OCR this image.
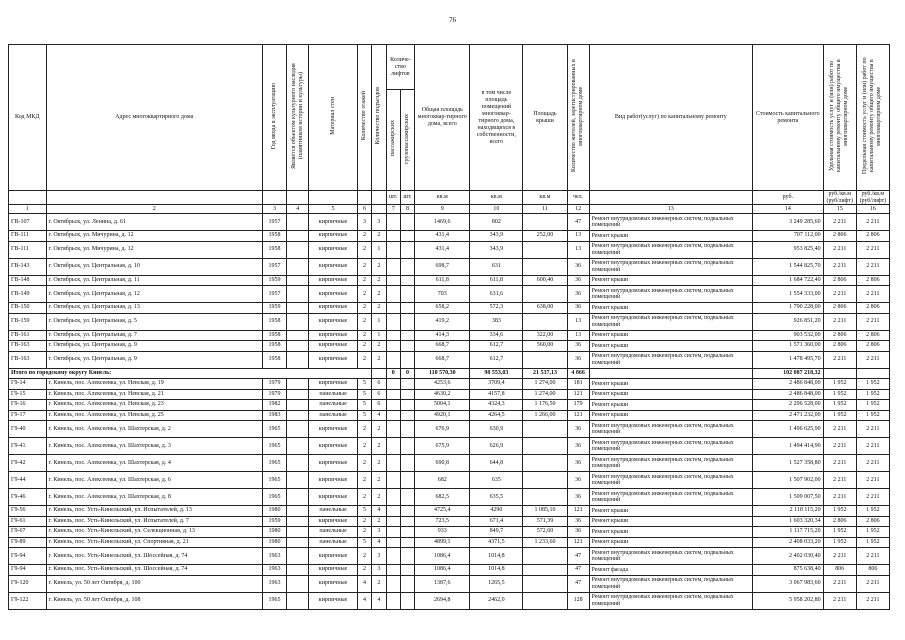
76
Код МКД	Адрес многоквартирного дома	Год ввода в эксплуатацию	Является объектом культурного наследия (памятником истории и культуры)	Материал стен	Количество этажей	Количество подъездов	Количе-ство лифтов		Общая площадь многоквар-тирного дома, всего	в том числе площадь помещений многоквар-тирного дома, находящихся в собственности, всего	Площадь крыши	Количество жителей, зарегистрированных в многоквартирном доме	Вид работ(услуг) по капитальному ремонту	Стоимость капитального ремонта	Удельная стоимость услуг и (или) работ по капитальному ремонту общего имущества в многоквартирном доме	Предельная стоимость услуг и (или) работ по капитальному ремонту общего имущества в многоквартирном доме
							пассажирских	грузопассажирских								
							шт.	шт.	кв.м	кв.м	кв.м	чел.		руб.	руб./кв.м (руб/лифт)	руб./кв.м (руб/лифт)
1	2	3	4	5	6		7	8	9	10	11	12	13	14	15	16
ГВ-107	г. Октябрьск, ул. Ленина, д. 61	1957		кирпичные	3	3			1469,6	802		47	Ремонт внутридомовых инженерных систем, подвальных помещений	3 249 285,60	2 211	2 211
ГВ-111	г. Октябрьск, ул. Мичурина, д. 12	1958		кирпичные	2	2			431,4	343,9	252,00	13	Ремонт крыши	707 112,00	2 806	2 806
ГВ-111	г. Октябрьск, ул. Мичурина, д. 12	1958		кирпичные	2	1			431,4	343,9		13	Ремонт внутридомовых инженерных систем, подвальных помещений	953 825,40	2 211	2 211
ГВ-143	г. Октябрьск, ул. Центральная, д. 10	1957		кирпичные	2	2			698,7	631		36	Ремонт внутридомовых инженерных систем, подвальных помещений	1 544 825,70	2 211	2 211
ГВ-148	г. Октябрьск, ул. Центральная, д. 11	1959		кирпичные	2	2			611,8	611,8	600,40	36	Ремонт крыши	1 684 722,40	2 806	2 806
ГВ-149	г. Октябрьск, ул. Центральная, д. 12	1957		кирпичные	2	2			703	631,6		36	Ремонт внутридомовых инженерных систем, подвальных помещений	1 554 333,00	2 211	2 211
ГВ-150	г. Октябрьск, ул. Центральная, д. 13	1959		кирпичные	2	2			658,2	572,3	638,00	36	Ремонт крыши	1 790 228,00	2 806	2 806
ГВ-159	г. Октябрьск, ул. Центральная, д. 5	1958		кирпичные	2	1			419,2	383		13	Ремонт внутридомовых инженерных систем, подвальных помещений	926 851,20	2 211	2 211
ГВ-161	г. Октябрьск, ул. Центральная, д. 7	1958		кирпичные	2	1			414,3	334,6	322,00	13	Ремонт крыши	903 532,00	2 806	2 806
ГВ-163	г. Октябрьск, ул. Центральная, д. 9	1958		кирпичные	2	2			668,7	612,7	560,00	36	Ремонт крыши	1 571 360,00	2 806	2 806
ГВ-163	г. Октябрьск, ул. Центральная, д. 9	1958		кирпичные	2	2			668,7	612,7		36	Ремонт внутридомовых инженерных систем, подвальных помещений	1 478 495,70	2 211	2 211
Итого по городскому округу Кинель:							0	0	110 570,30	98 553,03	21 537,13	4 866		102 087 218,32		
Г9-14	г. Кинель, пос. Алексеевка, ул. Невская, д. 19	1979		кирпичные	5	6			4253,6	3709,4	1 274,00	181	Ремонт крыши	2 486 848,00	1 952	1 952
Г9-15	г. Кинель, пос. Алексеевка, ул. Невская, д. 21	1979		панельные	5	6			4630,2	4157,8	1 274,00	121	Ремонт крыши	2 486 848,00	1 952	1 952
Г9-16	г. Кинель, пос. Алексеевка, ул. Невская, д. 23	1982		панельные	5	6			5004,1	4324,3	1 176,50	179	Ремонт крыши	2 296 528,00	1 952	1 952
Г9-17	г. Кинель, пос. Алексеевка, ул. Невская, д. 25	1983		панельные	5	4			4920,1	4264,5	1 266,00	121	Ремонт крыши	2 471 232,00	1 952	1 952
Г9-40	г. Кинель, пос. Алексеевка, ул. Шахтерская, д. 2	1965		кирпичные	2	2			676,9	630,9		36	Ремонт внутридомовых инженерных систем, подвальных помещений	1 496 625,90	2 211	2 211
Г9-41	г. Кинель, пос. Алексеевка, ул. Шахтерская, д. 3	1965		кирпичные	2	2			675,9	626,9		36	Ремонт внутридомовых инженерных систем, подвальных помещений	1 494 414,90	2 211	2 211
Г9-42	г. Кинель, пос. Алексеевка, ул. Шахтерская, д. 4	1965		кирпичные	2	2			690,8	644,8		36	Ремонт внутридомовых инженерных систем, подвальных помещений	1 527 358,80	2 211	2 211
Г9-44	г. Кинель, пос. Алексеевка, ул. Шахтерская, д. 6	1965		кирпичные	2	2			682	635		36	Ремонт внутридомовых инженерных систем, подвальных помещений	1 507 902,00	2 211	2 211
Г9-46	г. Кинель, пос. Алексеевка, ул. Шахтерская, д. 8	1965		кирпичные	2	2			682,5	635,5		36	Ремонт внутридомовых инженерных систем, подвальных помещений	1 509 007,50	2 211	2 211
Г9-56	г. Кинель, пос. Усть-Кинельский, ул. Испытателей, д. 13	1980		панельные	5	4			4725,4	4290	1 085,10	121	Ремонт крыши	2 118 115,20	1 952	1 952
Г9-61	г. Кинель, пос. Усть-Кинельский, ул. Испытателей, д. 7	1959		кирпичные	2	2			723,5	671,4	571,39	36	Ремонт крыши	1 603 320,34	2 806	2 806
Г9-67	г. Кинель, пос. Усть-Кинельский, ул. Селекционная, д. 13	1980		панельные	2	3			933	849,7	572,60	36	Ремонт крыши	1 117 715,20	1 952	1 952
Г9-89	г. Кинель, пос. Усть-Кинельский, ул. Спортивная, д. 21	1980		панельные	5	4			4899,1	4371,5	1 233,60	121	Ремонт крыши	2 408 033,20	1 952	1 952
Г9-94	г. Кинель, пос. Усть-Кинельский, ул. Шоссейная, д. 74	1963		кирпичные	2	3			1086,4	1014,8		47	Ремонт внутридомовых инженерных систем, подвальных помещений	2 402 030,40	2 211	2 211
Г9-94	г. Кинель, пос. Усть-Кинельский, ул. Шоссейная, д. 74	1963		кирпичные	2	3			1086,4	1014,8		47	Ремонт фасада	875 638,40	806	806
Г9-120	г. Кинель, ул. 50 лет Октября, д. 100	1963		кирпичные	4	2			1387,6	1265,5		47	Ремонт внутридомовых инженерных систем, подвальных помещений	3 067 983,60	2 211	2 211
Г9-122	г. Кинель, ул. 50 лет Октября, д. 108	1965		кирпичные	4	4			2694,8	2462,0		128	Ремонт внутридомовых инженерных систем, подвальных помещений	5 958 202,80	2 211	2 211
